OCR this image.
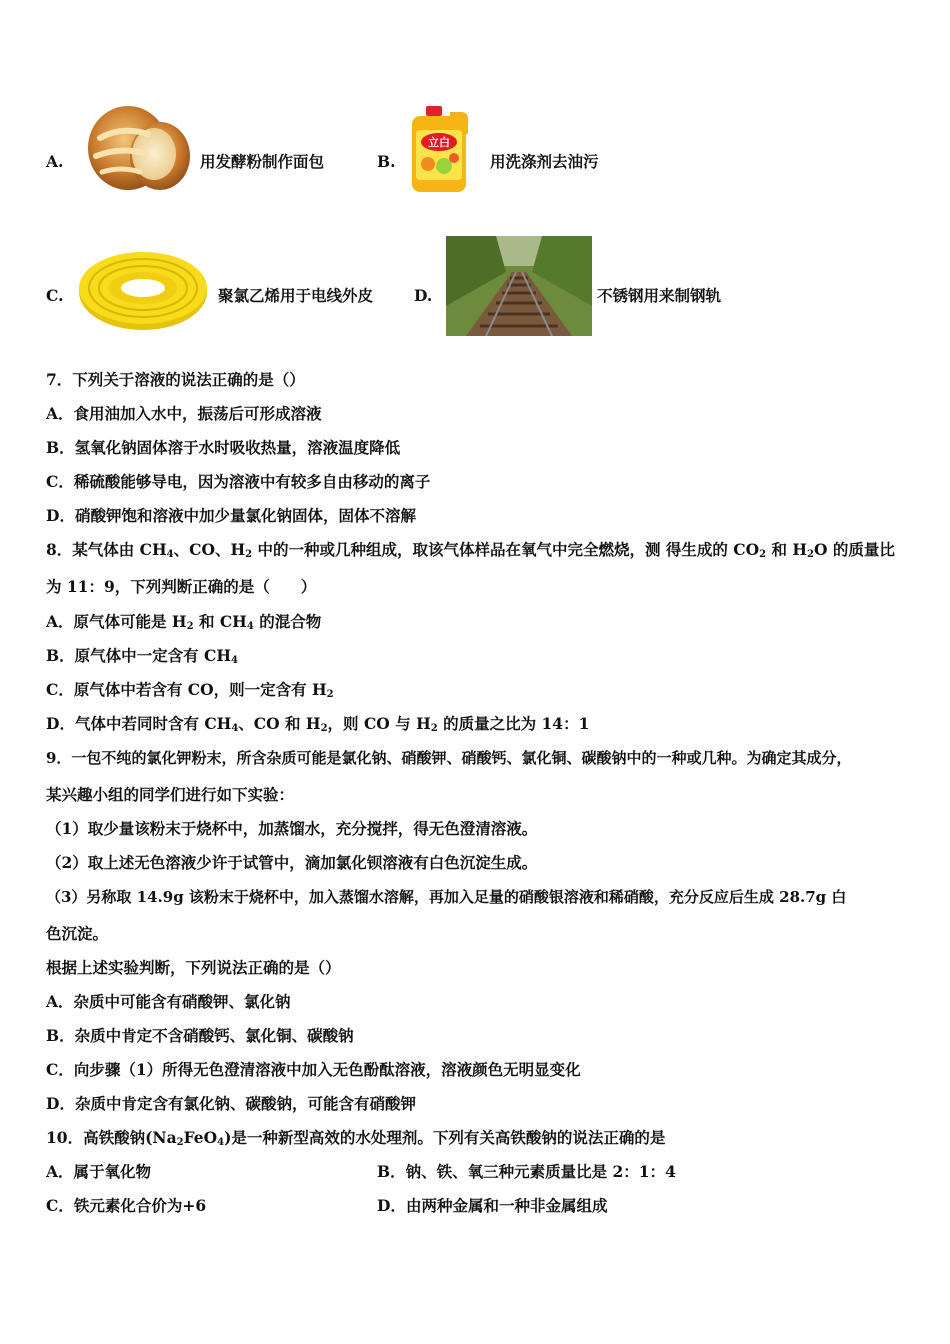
A.	用发酵粉制作面包	B.
立白
用洗涤剂去油污
C.	聚氯乙烯用于电线外皮	D.	不锈钢用来制钢轨
7．下列关于溶液的说法正确的是（）
A．食用油加入水中，振荡后可形成溶液
B．氢氧化钠固体溶于水时吸收热量，溶液温度降低
C．稀硫酸能够导电，因为溶液中有较多自由移动的离子
D．硝酸钾饱和溶液中加少量氯化钠固体，固体不溶解
8．某气体由 $CH_4$、CO、$H_2$ 中的一种或几种组成，取该气体样品在氧气中完全燃烧，测 得生成的 $CO_2$ 和 $H_2O$ 的质量比
为 11：9，下列判断正确的是（　　）
A．原气体可能是 $H_2$ 和 $CH_4$ 的混合物
B．原气体中一定含有 $CH_4$
C．原气体中若含有 CO，则一定含有 $H_2$
D．气体中若同时含有 $CH_4$、CO 和 $H_2$，则 CO 与 $H_2$ 的质量之比为 14：1
9．一包不纯的氯化钾粉末，所含杂质可能是氯化钠、硝酸钾、硝酸钙、氯化铜、碳酸钠中的一种或几种。为确定其成分，
某兴趣小组的同学们进行如下实验：
（1）取少量该粉末于烧杯中，加蒸馏水，充分搅拌，得无色澄清溶液。
（2）取上述无色溶液少许于试管中，滴加氯化钡溶液有白色沉淀生成。
（3）另称取 14.9g 该粉末于烧杯中，加入蒸馏水溶解，再加入足量的硝酸银溶液和稀硝酸，充分反应后生成 28.7g 白
色沉淀。
根据上述实验判断，下列说法正确的是（）
A．杂质中可能含有硝酸钾、氯化钠
B．杂质中肯定不含硝酸钙、氯化铜、碳酸钠
C．向步骤（1）所得无色澄清溶液中加入无色酚酞溶液，溶液颜色无明显变化
D．杂质中肯定含有氯化钠、碳酸钠，可能含有硝酸钾
10．高铁酸钠$(Na_2FeO_4)$是一种新型高效的水处理剂。下列有关高铁酸钠的说法正确的是
A．属于氧化物	B．钠、铁、氧三种元素质量比是 2：1：4
C．铁元素化合价为+6	D．由两种金属和一种非金属组成
